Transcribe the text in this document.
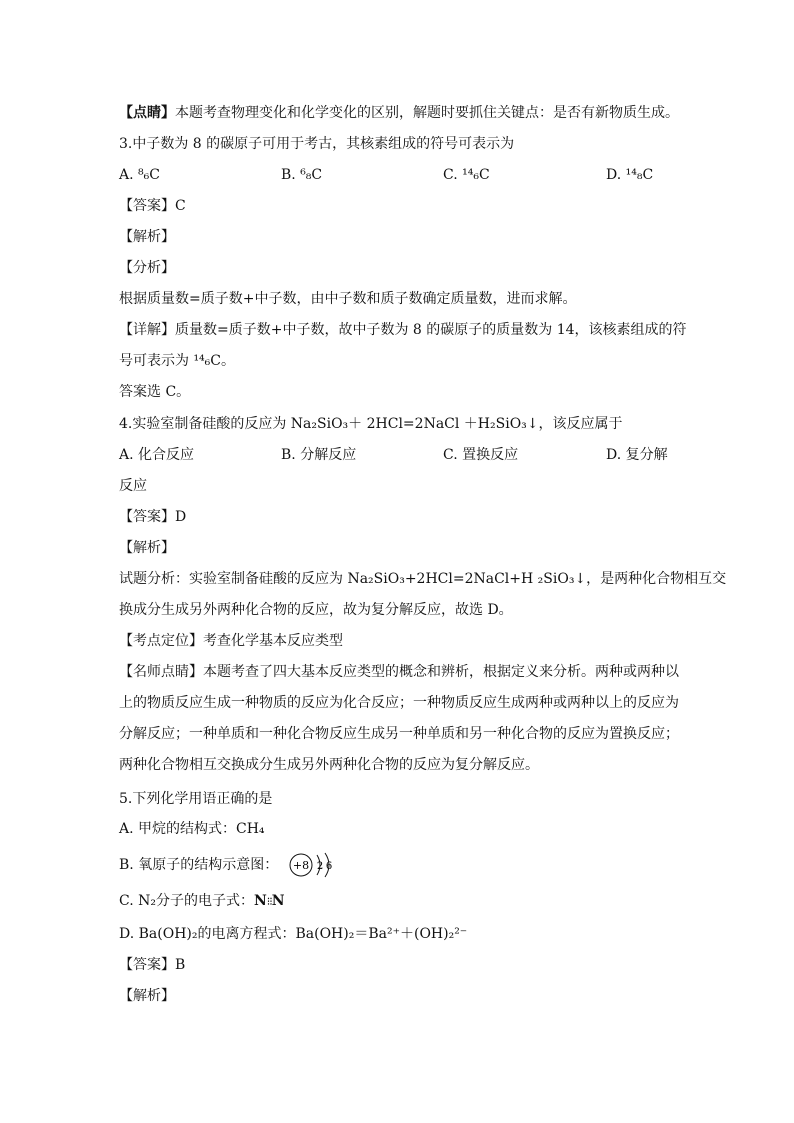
【点睛】本题考查物理变化和化学变化的区别，解题时要抓住关键点：是否有新物质生成。
3.中子数为 8 的碳原子可用于考古，其核素组成的符号可表示为
A. ⁸₆C	B. ⁶₈C	C. ¹⁴₆C	D. ¹⁴₈C
【答案】C
【解析】
【分析】
根据质量数=质子数+中子数，由中子数和质子数确定质量数，进而求解。
【详解】质量数=质子数+中子数，故中子数为 8 的碳原子的质量数为 14，该核素组成的符
号可表示为 ¹⁴₆C。
答案选 C。
4.实验室制备硅酸的反应为 Na₂SiO₃＋ 2HCl=2NaCl ＋H₂SiO₃↓，该反应属于
A. 化合反应	B. 分解反应	C. 置换反应	D. 复分解
反应
【答案】D
【解析】
试题分析：实验室制备硅酸的反应为 Na₂SiO₃+2HCl=2NaCl+H ₂SiO₃↓，是两种化合物相互交
换成分生成另外两种化合物的反应，故为复分解反应，故选 D。
【考点定位】考查化学基本反应类型
【名师点睛】本题考查了四大基本反应类型的概念和辨析，根据定义来分析。两种或两种以
上的物质反应生成一种物质的反应为化合反应；一种物质反应生成两种或两种以上的反应为
分解反应；一种单质和一种化合物反应生成另一种单质和另一种化合物的反应为置换反应；
两种化合物相互交换成分生成另外两种化合物的反应为复分解反应。
5.下列化学用语正确的是
A. 甲烷的结构式：CH₄
B. 氧原子的结构示意图： +8 2 6
C. N₂分子的电子式：N⁝⁝N
D. Ba(OH)₂的电离方程式：Ba(OH)₂＝Ba²⁺＋(OH)₂²⁻
【答案】B
【解析】
